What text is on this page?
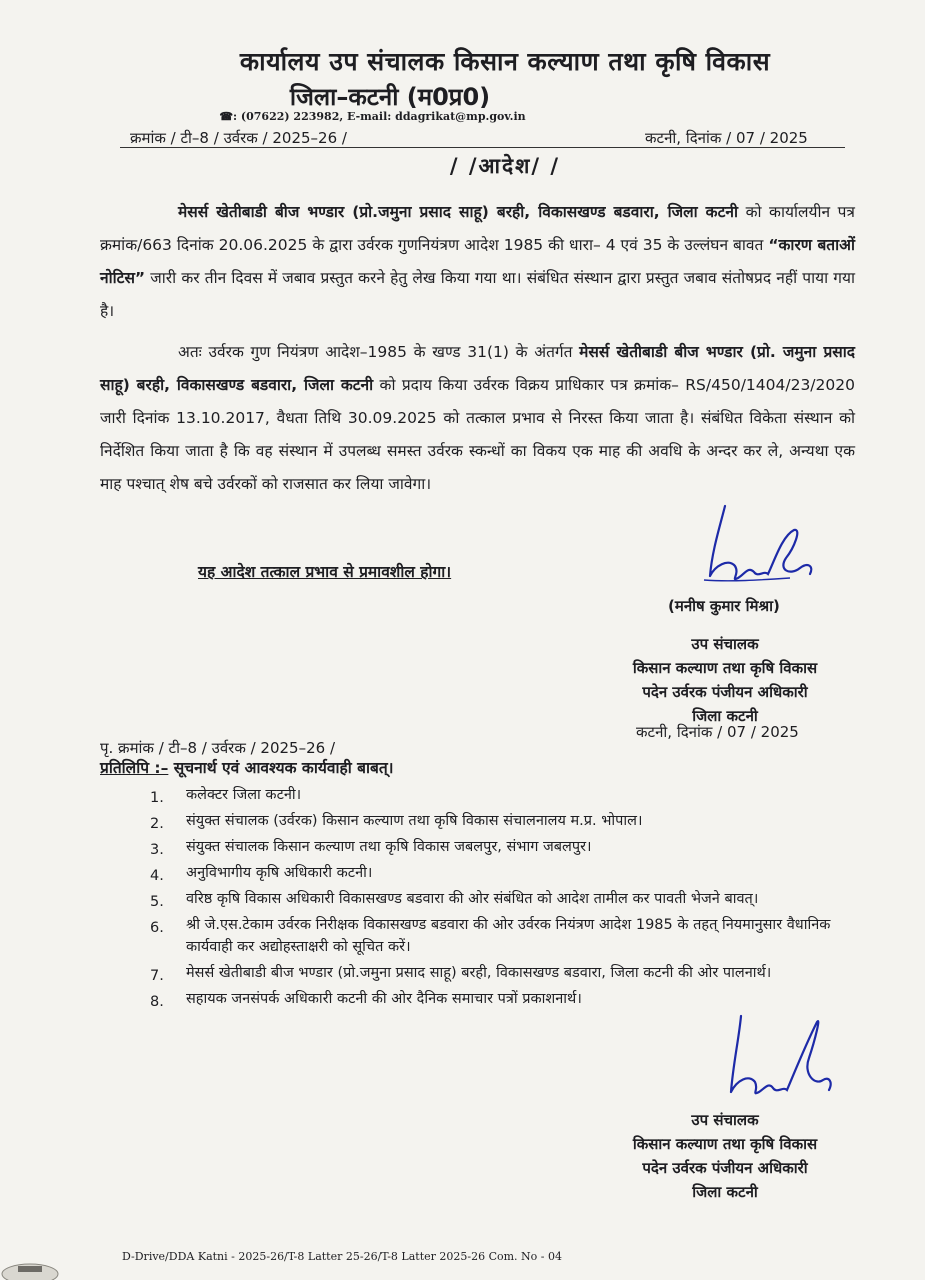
कार्यालय उप संचालक किसान कल्याण तथा कृषि विकास
जिला–कटनी (म0प्र0)
☎: (07622) 223982, E-mail: ddagrikat@mp.gov.in
क्रमांक / टी–8 / उर्वरक / 2025–26 /	कटनी, दिनांक / 07 / 2025
/ /आदेश/ /
मेसर्स खेतीबाडी बीज भण्डार (प्रो.जमुना प्रसाद साहू) बरही, विकासखण्ड बडवारा, जिला कटनी को कार्यालयीन पत्र क्रमांक/663 दिनांक 20.06.2025 के द्वारा उर्वरक गुणनियंत्रण आदेश 1985 की धारा– 4 एवं 35 के उल्लंघन बावत “कारण बताओं नोटिस” जारी कर तीन दिवस में जबाव प्रस्तुत करने हेतु लेख किया गया था। संबंधित संस्थान द्वारा प्रस्तुत जबाव संतोषप्रद नहीं पाया गया है।
अतः उर्वरक गुण नियंत्रण आदेश–1985 के खण्ड 31(1) के अंतर्गत मेसर्स खेतीबाडी बीज भण्डार (प्रो. जमुना प्रसाद साहू) बरही, विकासखण्ड बडवारा, जिला कटनी को प्रदाय किया उर्वरक विक्रय प्राधिकार पत्र क्रमांक– RS/450/1404/23/2020 जारी दिनांक 13.10.2017, वैधता तिथि 30.09.2025 को तत्काल प्रभाव से निरस्त किया जाता है। संबंधित विकेता संस्थान को निर्देशित किया जाता है कि वह संस्थान में उपलब्ध समस्त उर्वरक स्कन्धों का विकय एक माह की अवधि के अन्दर कर ले, अन्यथा एक माह पश्चात् शेष बचे उर्वरकों को राजसात कर लिया जावेगा।
यह आदेश तत्काल प्रभाव से प्रमावशील होगा।
(मनीष कुमार मिश्रा)
उप संचालक
किसान कल्याण तथा कृषि विकास
पदेन उर्वरक पंजीयन अधिकारी
जिला कटनी
कटनी, दिनांक / 07 / 2025
पृ. क्रमांक / टी–8 / उर्वरक / 2025–26 /
प्रतिलिपि :– सूचनार्थ एवं आवश्यक कार्यवाही बाबत्।
1.	कलेक्टर जिला कटनी।
2.	संयुक्त संचालक (उर्वरक) किसान कल्याण तथा कृषि विकास संचालनालय म.प्र. भोपाल।
3.	संयुक्त संचालक किसान कल्याण तथा कृषि विकास जबलपुर, संभाग जबलपुर।
4.	अनुविभागीय कृषि अधिकारी कटनी।
5.	वरिष्ठ कृषि विकास अधिकारी विकासखण्ड बडवारा की ओर संबंधित को आदेश तामील कर पावती भेजने बावत्।
6.	श्री जे.एस.टेकाम उर्वरक निरीक्षक विकासखण्ड बडवारा की ओर उर्वरक नियंत्रण आदेश 1985 के तहत् नियमानुसार वैधानिक कार्यवाही कर अद्योहस्ताक्षरी को सूचित करें।
7.	मेसर्स खेतीबाडी बीज भण्डार (प्रो.जमुना प्रसाद साहू) बरही, विकासखण्ड बडवारा, जिला कटनी की ओर पालनार्थ।
8.	सहायक जनसंपर्क अधिकारी कटनी की ओर दैनिक समाचार पत्रों प्रकाशनार्थ।
उप संचालक
किसान कल्याण तथा कृषि विकास
पदेन उर्वरक पंजीयन अधिकारी
जिला कटनी
D-Drive/DDA Katni - 2025-26/T-8 Latter 25-26/T-8 Latter 2025-26 Com. No - 04
